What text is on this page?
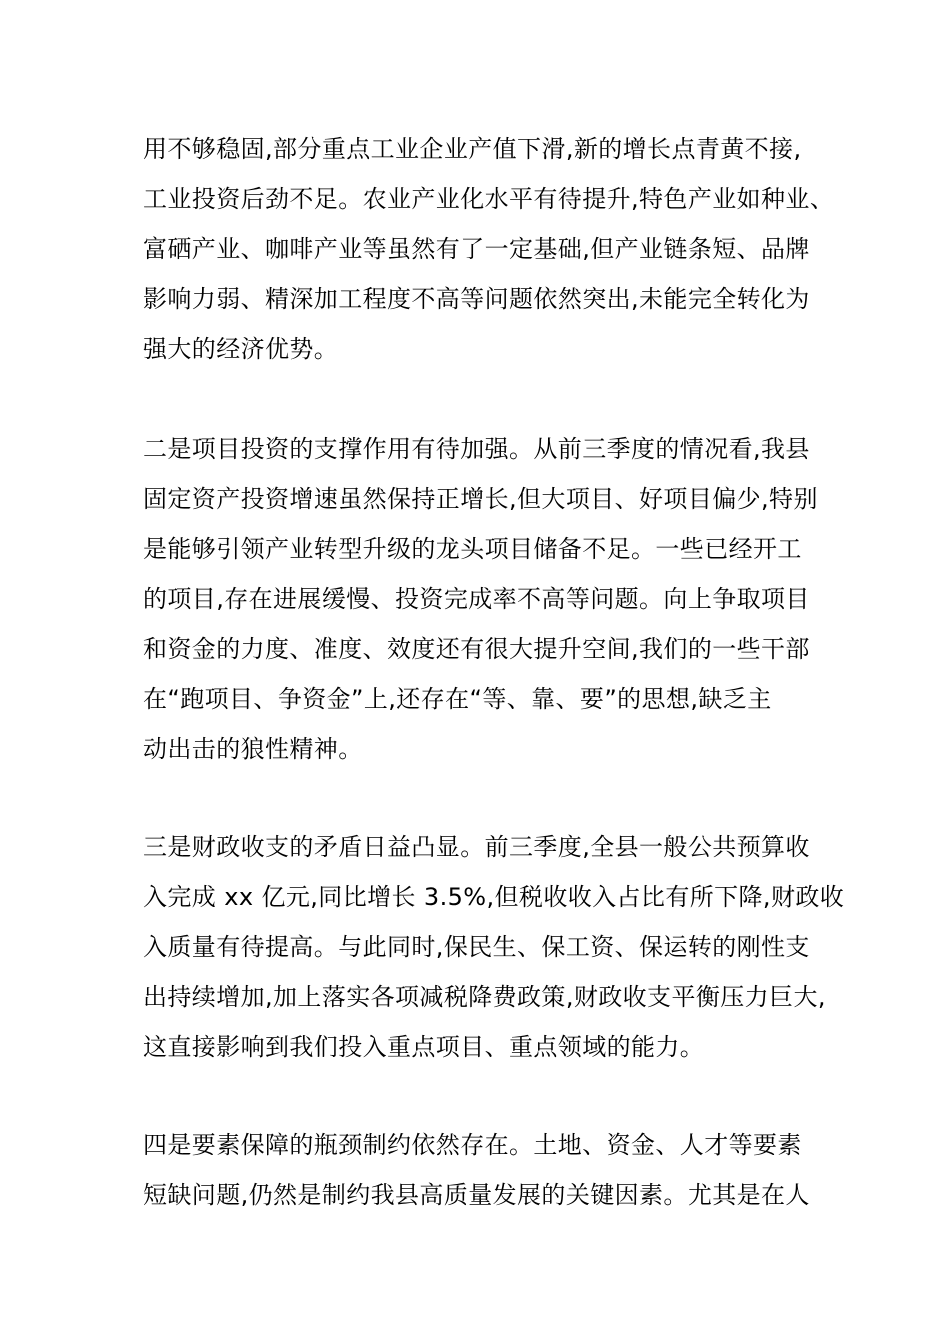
用不够稳固,部分重点工业企业产值下滑,新的增长点青黄不接,
工业投资后劲不足。农业产业化水平有待提升,特色产业如种业、
富硒产业、咖啡产业等虽然有了一定基础,但产业链条短、品牌
影响力弱、精深加工程度不高等问题依然突出,未能完全转化为
强大的经济优势。
二是项目投资的支撑作用有待加强。从前三季度的情况看,我县
固定资产投资增速虽然保持正增长,但大项目、好项目偏少,特别
是能够引领产业转型升级的龙头项目储备不足。一些已经开工
的项目,存在进展缓慢、投资完成率不高等问题。向上争取项目
和资金的力度、准度、效度还有很大提升空间,我们的一些干部
在“跑项目、争资金”上,还存在“等、靠、要”的思想,缺乏主
动出击的狼性精神。
三是财政收支的矛盾日益凸显。前三季度,全县一般公共预算收
入完成 xx 亿元,同比增长 3.5%,但税收收入占比有所下降,财政收
入质量有待提高。与此同时,保民生、保工资、保运转的刚性支
出持续增加,加上落实各项减税降费政策,财政收支平衡压力巨大,
这直接影响到我们投入重点项目、重点领域的能力。
四是要素保障的瓶颈制约依然存在。土地、资金、人才等要素
短缺问题,仍然是制约我县高质量发展的关键因素。尤其是在人
